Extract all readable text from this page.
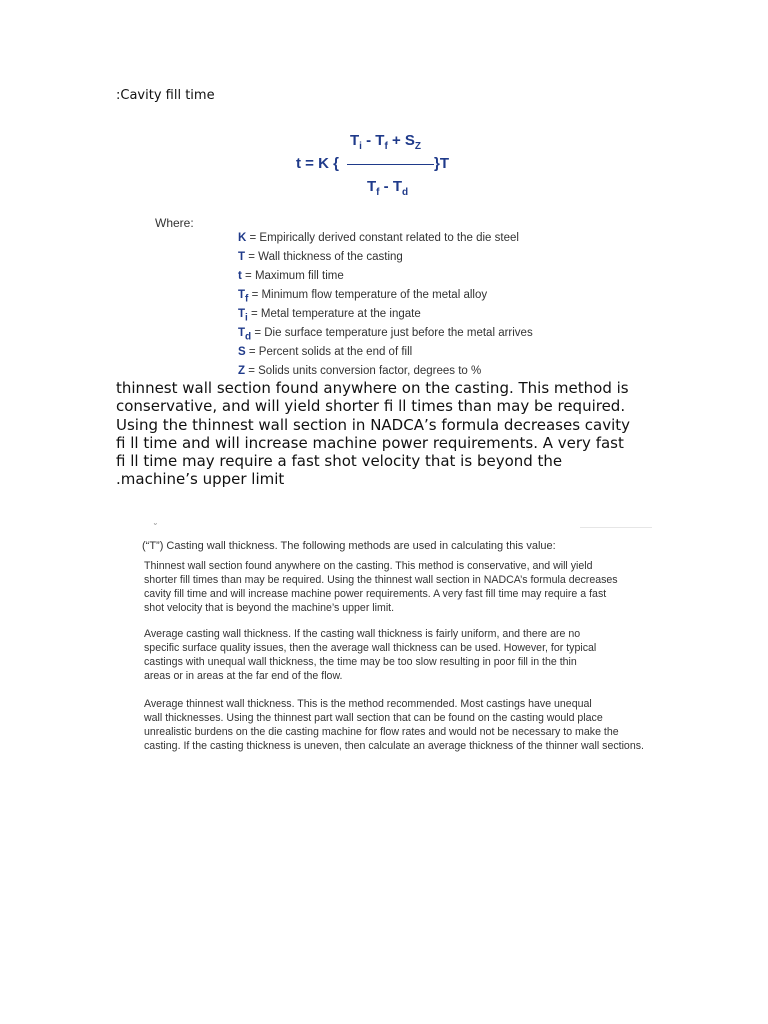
:Cavity fill time
$T_i - T_f + S_Z$
t = K {	}T
$T_f - T_d$
Where:
K = Empirically derived constant related to the die steel
T = Wall thickness of the casting
t = Maximum fill time
$T_f$ = Minimum flow temperature of the metal alloy
$T_i$ = Metal temperature at the ingate
$T_d$ = Die surface temperature just before the metal arrives
S = Percent solids at the end of fill
Z = Solids units conversion factor, degrees to %
thinnest wall section found anywhere on the casting. This method is
conservative, and will yield shorter fi ll times than may be required.
Using the thinnest wall section in NADCA’s formula decreases cavity
fi ll time and will increase machine power requirements. A very fast
fi ll time may require a fast shot velocity that is beyond the
.machine’s upper limit
˘
(“T”) Casting wall thickness. The following methods are used in calculating this value:
Thinnest wall section found anywhere on the casting. This method is conservative, and will yield
shorter fill times than may be required. Using the thinnest wall section in NADCA’s formula decreases
cavity fill time and will increase machine power requirements. A very fast fill time may require a fast
shot velocity that is beyond the machine’s upper limit.
Average casting wall thickness. If the casting wall thickness is fairly uniform, and there are no
specific surface quality issues, then the average wall thickness can be used. However, for typical
castings with unequal wall thickness, the time may be too slow resulting in poor fill in the thin
areas or in areas at the far end of the flow.
Average thinnest wall thickness. This is the method recommended. Most castings have unequal
wall thicknesses. Using the thinnest part wall section that can be found on the casting would place
unrealistic burdens on the die casting machine for flow rates and would not be necessary to make the
casting. If the casting thickness is uneven, then calculate an average thickness of the thinner wall sections.
